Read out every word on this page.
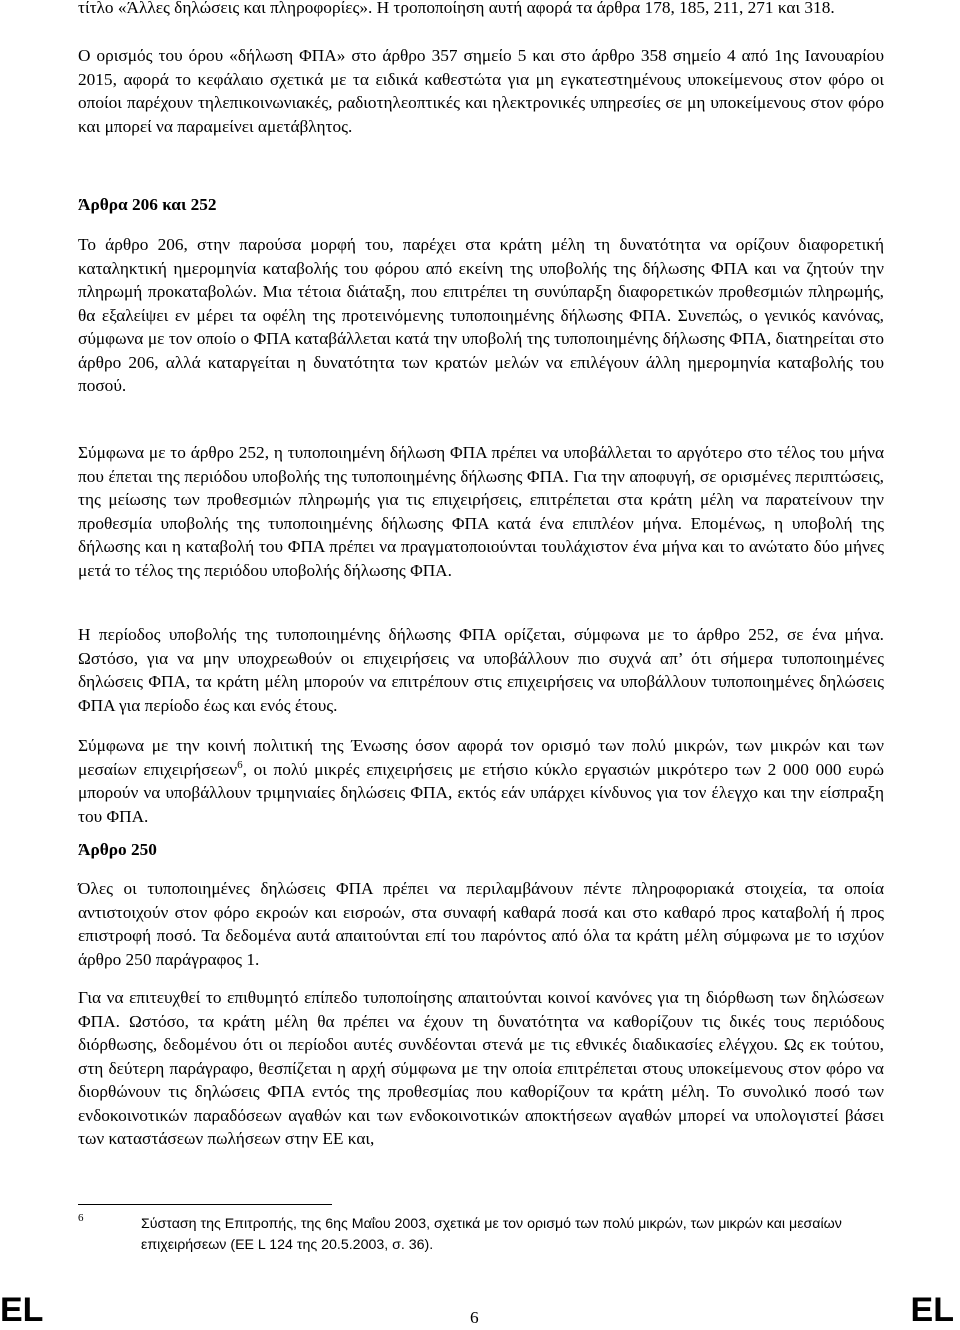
τίτλο «Άλλες δηλώσεις και πληροφορίες». Η τροποποίηση αυτή αφορά τα άρθρα 178, 185, 211, 271 και 318.

Ο ορισμός του όρου «δήλωση ΦΠΑ» στο άρθρο 357 σημείο 5 και στο άρθρο 358 σημείο 4 από 1ης Ιανουαρίου 2015, αφορά το κεφάλαιο σχετικά με τα ειδικά καθεστώτα για μη εγκατεστημένους υποκείμενους στον φόρο οι οποίοι παρέχουν τηλεπικοινωνιακές, ραδιοτηλεοπτικές και ηλεκτρονικές υπηρεσίες σε μη υποκείμενους στον φόρο και μπορεί να παραμείνει αμετάβλητος.

Άρθρα 206 και 252

Το άρθρο 206, στην παρούσα μορφή του, παρέχει στα κράτη μέλη τη δυνατότητα να ορίζουν διαφορετική καταληκτική ημερομηνία καταβολής του φόρου από εκείνη της υποβολής της δήλωσης ΦΠΑ και να ζητούν την πληρωμή προκαταβολών. Μια τέτοια διάταξη, που επιτρέπει τη συνύπαρξη διαφορετικών προθεσμιών πληρωμής, θα εξαλείψει εν μέρει τα οφέλη της προτεινόμενης τυποποιημένης δήλωσης ΦΠΑ. Συνεπώς, ο γενικός κανόνας, σύμφωνα με τον οποίο ο ΦΠΑ καταβάλλεται κατά την υποβολή της τυποποιημένης δήλωσης ΦΠΑ, διατηρείται στο άρθρο 206, αλλά καταργείται η δυνατότητα των κρατών μελών να επιλέγουν άλλη ημερομηνία καταβολής του ποσού.

Σύμφωνα με το άρθρο 252, η τυποποιημένη δήλωση ΦΠΑ πρέπει να υποβάλλεται το αργότερο στο τέλος του μήνα που έπεται της περιόδου υποβολής της τυποποιημένης δήλωσης ΦΠΑ. Για την αποφυγή, σε ορισμένες περιπτώσεις, της μείωσης των προθεσμιών πληρωμής για τις επιχειρήσεις, επιτρέπεται στα κράτη μέλη να παρατείνουν την προθεσμία υποβολής της τυποποιημένης δήλωσης ΦΠΑ κατά ένα επιπλέον μήνα. Επομένως, η υποβολή της δήλωσης και η καταβολή του ΦΠΑ πρέπει να πραγματοποιούνται τουλάχιστον ένα μήνα και το ανώτατο δύο μήνες μετά το τέλος της περιόδου υποβολής δήλωσης ΦΠΑ.

Η περίοδος υποβολής της τυποποιημένης δήλωσης ΦΠΑ ορίζεται, σύμφωνα με το άρθρο 252, σε ένα μήνα. Ωστόσο, για να μην υποχρεωθούν οι επιχειρήσεις να υποβάλλουν πιο συχνά απ’ ότι σήμερα τυποποιημένες δηλώσεις ΦΠΑ, τα κράτη μέλη μπορούν να επιτρέπουν στις επιχειρήσεις να υποβάλλουν τυποποιημένες δηλώσεις ΦΠΑ για περίοδο έως και ενός έτους.

Σύμφωνα με την κοινή πολιτική της Ένωσης όσον αφορά τον ορισμό των πολύ μικρών, των μικρών και των μεσαίων επιχειρήσεων$^6$, οι πολύ μικρές επιχειρήσεις με ετήσιο κύκλο εργασιών μικρότερο των 2 000 000 ευρώ μπορούν να υποβάλλουν τριμηνιαίες δηλώσεις ΦΠΑ, εκτός εάν υπάρχει κίνδυνος για τον έλεγχο και την είσπραξη του ΦΠΑ.

Άρθρο 250

Όλες οι τυποποιημένες δηλώσεις ΦΠΑ πρέπει να περιλαμβάνουν πέντε πληροφοριακά στοιχεία, τα οποία αντιστοιχούν στον φόρο εκροών και εισροών, στα συναφή καθαρά ποσά και στο καθαρό προς καταβολή ή προς επιστροφή ποσό. Τα δεδομένα αυτά απαιτούνται επί του παρόντος από όλα τα κράτη μέλη σύμφωνα με το ισχύον άρθρο 250 παράγραφος 1.

Για να επιτευχθεί το επιθυμητό επίπεδο τυποποίησης απαιτούνται κοινοί κανόνες για τη διόρθωση των δηλώσεων ΦΠΑ. Ωστόσο, τα κράτη μέλη θα πρέπει να έχουν τη δυνατότητα να καθορίζουν τις δικές τους περιόδους διόρθωσης, δεδομένου ότι οι περίοδοι αυτές συνδέονται στενά με τις εθνικές διαδικασίες ελέγχου. Ως εκ τούτου, στη δεύτερη παράγραφο, θεσπίζεται η αρχή σύμφωνα με την οποία επιτρέπεται στους υποκείμενους στον φόρο να διορθώνουν τις δηλώσεις ΦΠΑ εντός της προθεσμίας που καθορίζουν τα κράτη μέλη. Το συνολικό ποσό των ενδοκοινοτικών παραδόσεων αγαθών και των ενδοκοινοτικών αποκτήσεων αγαθών μπορεί να υπολογιστεί βάσει των καταστάσεων πωλήσεων στην ΕΕ και,

6	Σύσταση της Επιτροπής, της 6ης Μαΐου 2003, σχετικά με τον ορισμό των πολύ μικρών, των μικρών και μεσαίων επιχειρήσεων (ΕΕ L 124 της 20.5.2003, σ. 36).
EL	6	EL
